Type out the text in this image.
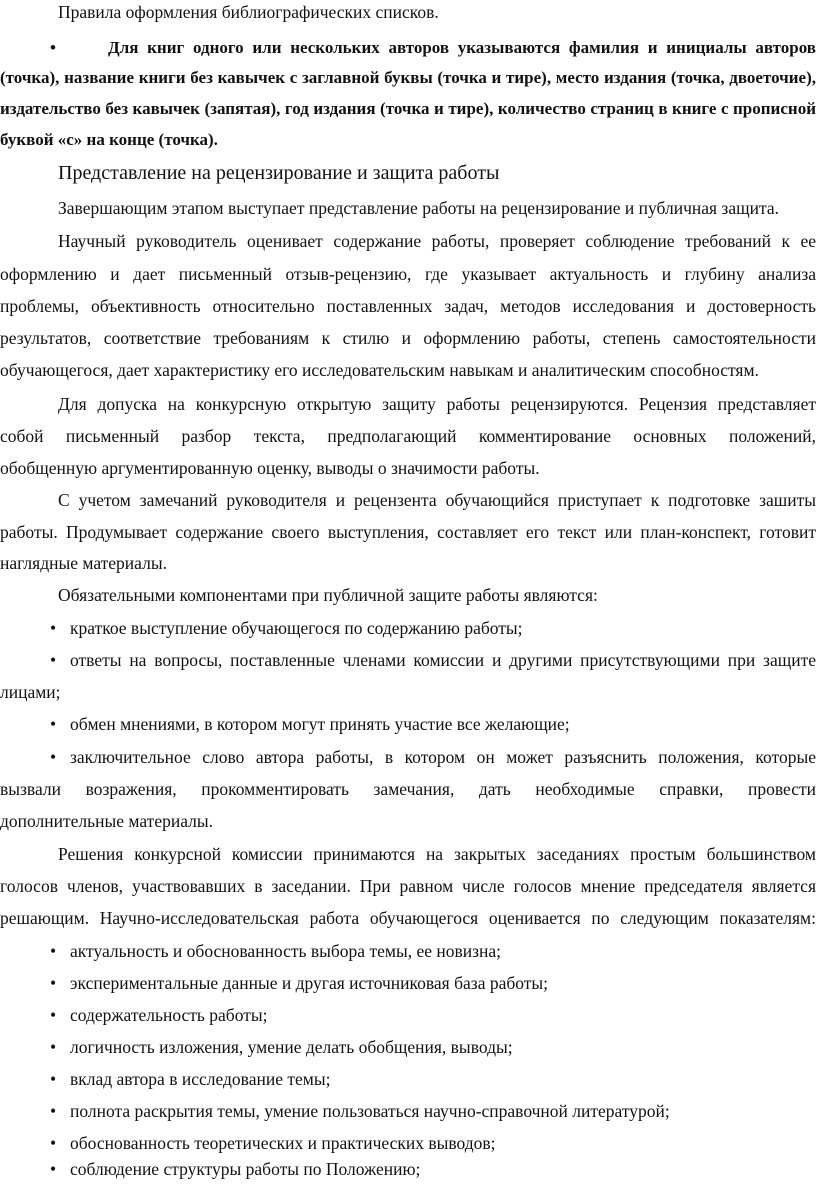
Правила оформления библиографических списков.
•	Для книг одного или нескольких авторов указываются фамилия и инициалы авторов
(точка), название книги без кавычек с заглавной буквы (точка и тире), место издания (точка, двоеточие),
издательство без кавычек (запятая), год издания (точка и тире), количество страниц в книге с прописной
буквой «с» на конце (точка).
Представление на рецензирование и защита работы
Завершающим этапом выступает представление работы на рецензирование и публичная защита.
Научный руководитель оценивает содержание работы, проверяет соблюдение требований к ее
оформлению и дает письменный отзыв-рецензию, где указывает актуальность и глубину анализа
проблемы, объективность относительно поставленных задач, методов исследования и достоверность
результатов, соответствие требованиям к стилю и оформлению работы, степень самостоятельности
обучающегося, дает характеристику его исследовательским навыкам и аналитическим способностям.
Для допуска на конкурсную открытую защиту работы рецензируются. Рецензия представляет
собой письменный разбор текста, предполагающий комментирование основных положений,
обобщенную аргументированную оценку, выводы о значимости работы.
С учетом замечаний руководителя и рецензента обучающийся приступает к подготовке зашиты
работы. Продумывает содержание своего выступления, составляет его текст или план-конспект, готовит
наглядные материалы.
Обязательными компонентами при публичной защите работы являются:
• краткое выступление обучающегося по содержанию работы;
• ответы на вопросы, поставленные членами комиссии и другими присутствующими при защите
лицами;
• обмен мнениями, в котором могут принять участие все желающие;
• заключительное слово автора работы, в котором он может разъяснить положения, которые
вызвали возражения, прокомментировать замечания, дать необходимые справки, провести
дополнительные материалы.
Решения конкурсной комиссии принимаются на закрытых заседаниях простым большинством
голосов членов, участвовавших в заседании. При равном числе голосов мнение председателя является
решающим. Научно-исследовательская работа обучающегося оценивается по следующим показателям:
• актуальность и обоснованность выбора темы, ее новизна;
• экспериментальные данные и другая источниковая база работы;
• содержательность работы;
• логичность изложения, умение делать обобщения, выводы;
• вклад автора в исследование темы;
• полнота раскрытия темы, умение пользоваться научно-справочной литературой;
• обоснованность теоретических и практических выводов;
• соблюдение структуры работы по Положению;
